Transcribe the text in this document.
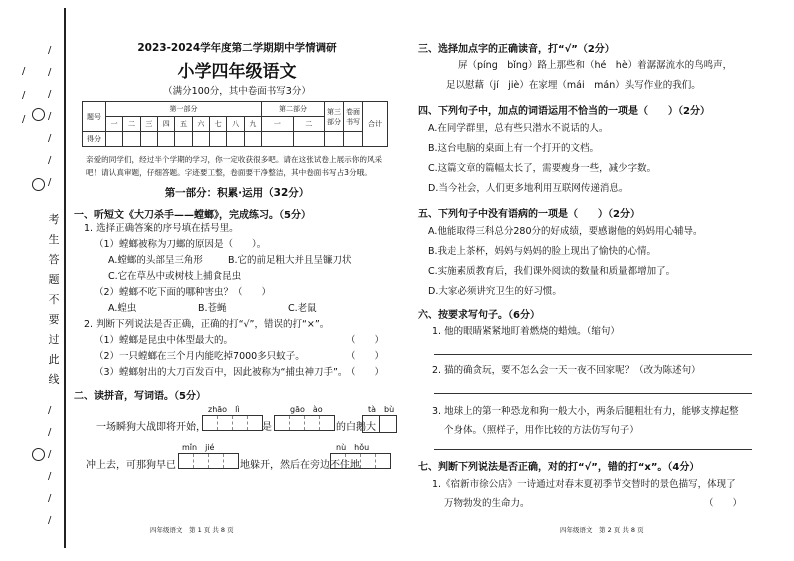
考
生
答
题
不
要
过
此
线
/
/
/
/
/
/
/
/
/
/
/
/
/
/
/
/
2023-2024学年度第二学期期中学情调研
小学四年级语文
（满分100分，其中卷面书写3分）
题号	第一部分									第二部分		第三部分	卷面书写	合计
	一	二	三	四	五	六	七	八	九	一	二			
得分														
亲爱的同学们，经过半个学期的学习，你一定收获很多吧。请在这张试卷上展示你的风采吧！请认真审题，仔细答题。字迹要工整，卷面要干净整洁，其中卷面书写占3分哦。
第一部分：积累·运用（32分）
一、听短文《大刀杀手——螳螂》，完成练习。（5分）
1. 选择正确答案的序号填在括号里。
（1）螳螂被称为刀螂的原因是（　　）。
A.螳螂的头部呈三角形	B.它的前足粗大并且呈镰刀状
C.它在草丛中或树枝上捕食昆虫
（2）螳螂不吃下面的哪种害虫？（　　）
A.蝗虫	B.苍蝇	C.老鼠
2. 判断下列说法是否正确，正确的打“√”，错误的打“×”。
（1）螳螂是昆虫中体型最大的。	（　　）
（2）一只螳螂在三个月内能吃掉7000多只蚊子。	（　　）
（3）螳螂射出的大刀百发百中，因此被称为“捕虫神刀手”。
（　　）
二、读拼音，写词语。（5分）
zhāo　lì	gāo　ào	tà　bù
一场瞬狗大战即将开始，	是	的白鹅大
mǐn　jié	nù　hǒu
冲上去，可那狗早已	地躲开，然后在旁边不住地
四年级语文　第 1 页 共 8 页
三、选择加点字的正确读音，打“√”（2分）
屏（píng　bǐng）路上那些和（hé　hè）着潺潺流水的鸟鸣声，
足以慰藉（jí　jiè）在家埋（mái　mán）头写作业的我们。
四、下列句子中，加点的词语运用不恰当的一项是（　　）（2分）
A.在同学群里，总有些只潜水不说话的人。
B.这台电脑的桌面上有一个打开的文档。
C.这篇文章的篇幅太长了，需要瘦身一些，减少字数。
D.当今社会，人们更多地利用互联网传递消息。
五、下列句子中没有语病的一项是（　　）（2分）
A.他能取得三科总分280分的好成绩，要感谢他的妈妈用心辅导。
B.我走上茶杯，妈妈与妈妈的脸上现出了愉快的心情。
C.实施素质教育后，我们课外阅读的数量和质量都增加了。
D.大家必须讲究卫生的好习惯。
六、按要求写句子。（6分）
1. 他的眼睛紧紧地盯着燃烧的蜡烛。（缩句）
2. 猫的确贪玩，要不怎么会一天一夜不回家呢？（改为陈述句）
3. 地球上的第一种恐龙和狗一般大小，两条后腿粗壮有力，能够支撑起整
个身体。（照样子，用作比较的方法仿写句子）
七、判断下列说法是否正确，对的打“√”，错的打“x”。（4分）
1.《宿新市徐公店》一诗通过对春末夏初季节交替时的景色描写，体现了
万物勃发的生命力。	（　　）
四年级语文　第 2 页 共 8 页
